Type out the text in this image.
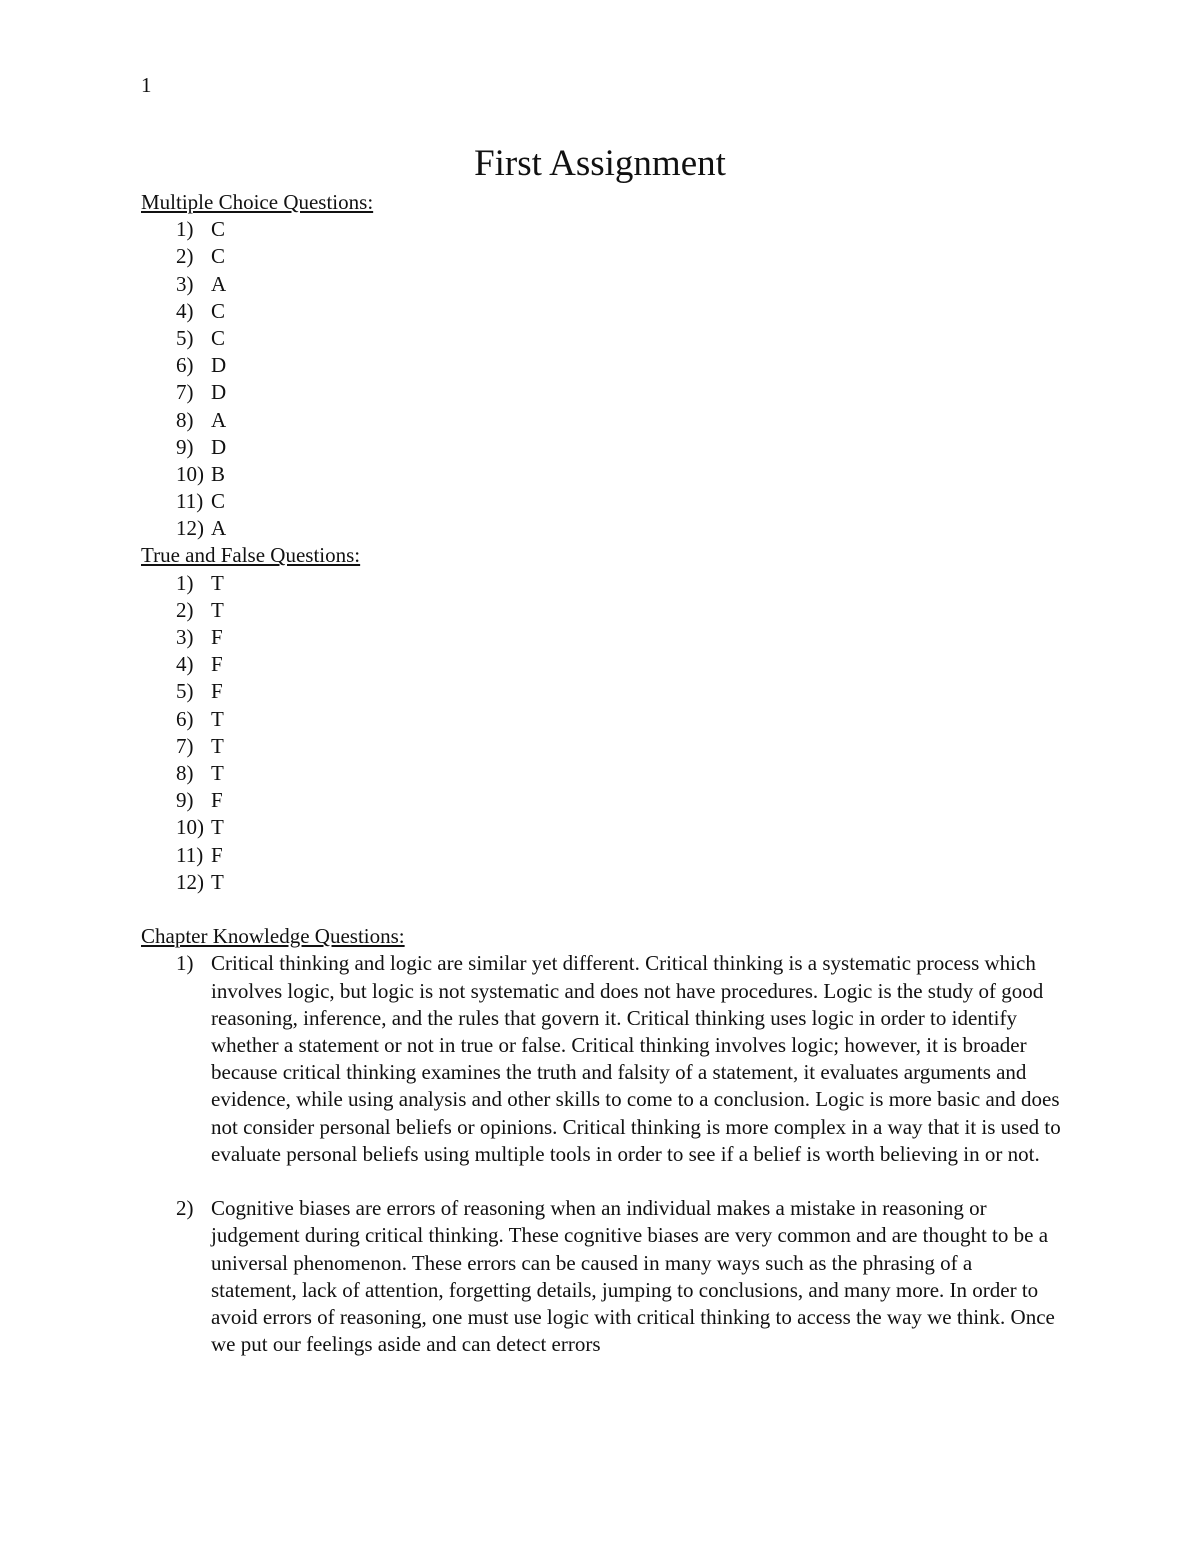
1
First Assignment
Multiple Choice Questions:
1) C
2) C
3) A
4) C
5) C
6) D
7) D
8) A
9) D
10) B
11) C
12) A
True and False Questions:
1) T
2) T
3) F
4) F
5) F
6) T
7) T
8) T
9) F
10) T
11) F
12) T
Chapter Knowledge Questions:
1) Critical thinking and logic are similar yet different. Critical thinking is a systematic process which involves logic, but logic is not systematic and does not have procedures. Logic is the study of good reasoning, inference, and the rules that govern it. Critical thinking uses logic in order to identify whether a statement or not in true or false. Critical thinking involves logic; however, it is broader because critical thinking examines the truth and falsity of a statement, it evaluates arguments and evidence, while using analysis and other skills to come to a conclusion. Logic is more basic and does not consider personal beliefs or opinions. Critical thinking is more complex in a way that it is used to evaluate personal beliefs using multiple tools in order to see if a belief is worth believing in or not.

2) Cognitive biases are errors of reasoning when an individual makes a mistake in reasoning or judgement during critical thinking. These cognitive biases are very common and are thought to be a universal phenomenon. These errors can be caused in many ways such as the phrasing of a statement, lack of attention, forgetting details, jumping to conclusions, and many more. In order to avoid errors of reasoning, one must use logic with critical thinking to access the way we think. Once we put our feelings aside and can detect errors
